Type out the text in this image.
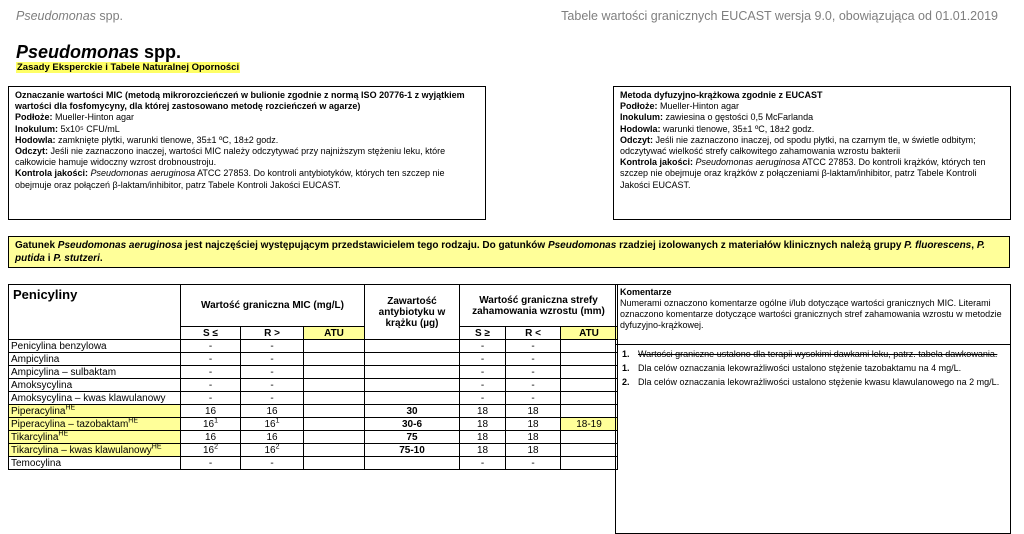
Pseudomonas spp.	Tabele wartości granicznych EUCAST wersja 9.0, obowiązująca od 01.01.2019
Pseudomonas spp.
Zasady Eksperckie i Tabele Naturalnej Oporności
Oznaczanie wartości MIC (metodą mikrorozcieńczeń w bulionie zgodnie z normą ISO 20776-1 z wyjątkiem wartości dla fosfomycyny, dla której zastosowano metodę rozcieńczeń w agarze)
Podłoże: Mueller-Hinton agar
Inokulum: 5x10⁵ CFU/mL
Hodowla: zamknięte płytki, warunki tlenowe, 35±1 ºC, 18±2 godz.
Odczyt: Jeśli nie zaznaczono inaczej, wartości MIC należy odczytywać przy najniższym stężeniu leku, które całkowicie hamuje widoczny wzrost drobnoustroju.
Kontrola jakości: Pseudomonas aeruginosa ATCC 27853. Do kontroli antybiotyków, których ten szczep nie obejmuje oraz połączeń β-laktam/inhibitor, patrz Tabele Kontroli Jakości EUCAST.
Metoda dyfuzyjno-krążkowa zgodnie z EUCAST
Podłoże: Mueller-Hinton agar
Inokulum: zawiesina o gęstości 0,5 McFarlanda
Hodowla: warunki tlenowe, 35±1 ºC, 18±2 godz.
Odczyt: Jeśli nie zaznaczono inaczej, od spodu płytki, na czarnym tle, w świetle odbitym; odczytywać wielkość strefy całkowitego zahamowania wzrostu bakterii
Kontrola jakości: Pseudomonas aeruginosa ATCC 27853. Do kontroli krążków, których ten szczep nie obejmuje oraz krążków z połączeniami β-laktam/inhibitor, patrz Tabele Kontroli Jakości EUCAST.
Gatunek Pseudomonas aeruginosa jest najczęściej występującym przedstawicielem tego rodzaju. Do gatunków Pseudomonas rzadziej izolowanych z materiałów klinicznych należą grupy P. fluorescens, P. putida i P. stutzeri.
Penicyliny	Wartość graniczna MIC (mg/L)			Zawartość antybiotyku w krążku (µg)	Wartość graniczna strefy zahamowania wzrostu (mm)		
	S ≤	R >	ATU		S ≥	R <	ATU
Penicylina benzylowa	-	-			-	-	
Ampicylina	-	-			-	-	
Ampicylina – sulbaktam	-	-			-	-	
Amoksycylina	-	-			-	-	
Amoksycylina – kwas klawulanowy	-	-			-	-	
Piperacylina$^{HE}$	16	16		30	18	18	
Piperacylina – tazobaktam$^{HE}$	$16^1$	$16^1$		30-6	18	18	18-19
Tikarcylina$^{HE}$	16	16		75	18	18	
Tikarcylina – kwas klawulanowy$^{HE}$	$16^2$	$16^2$		75-10	18	18	
Temocylina	-	-			-	-	
Komentarze
Numerami oznaczono komentarze ogólne i/lub dotyczące wartości granicznych MIC. Literami oznaczono komentarze dotyczące wartości granicznych stref zahamowania wzrostu w metodzie dyfuzyjno-krążkowej.
1. Wartości graniczne ustalono dla terapii wysokimi dawkami leku, patrz. tabela dawkowania.
1. Dla celów oznaczania lekowrażliwości ustalono stężenie tazobaktamu na 4 mg/L.
2. Dla celów oznaczania lekowrażliwości ustalono stężenie kwasu klawulanowego na 2 mg/L.
